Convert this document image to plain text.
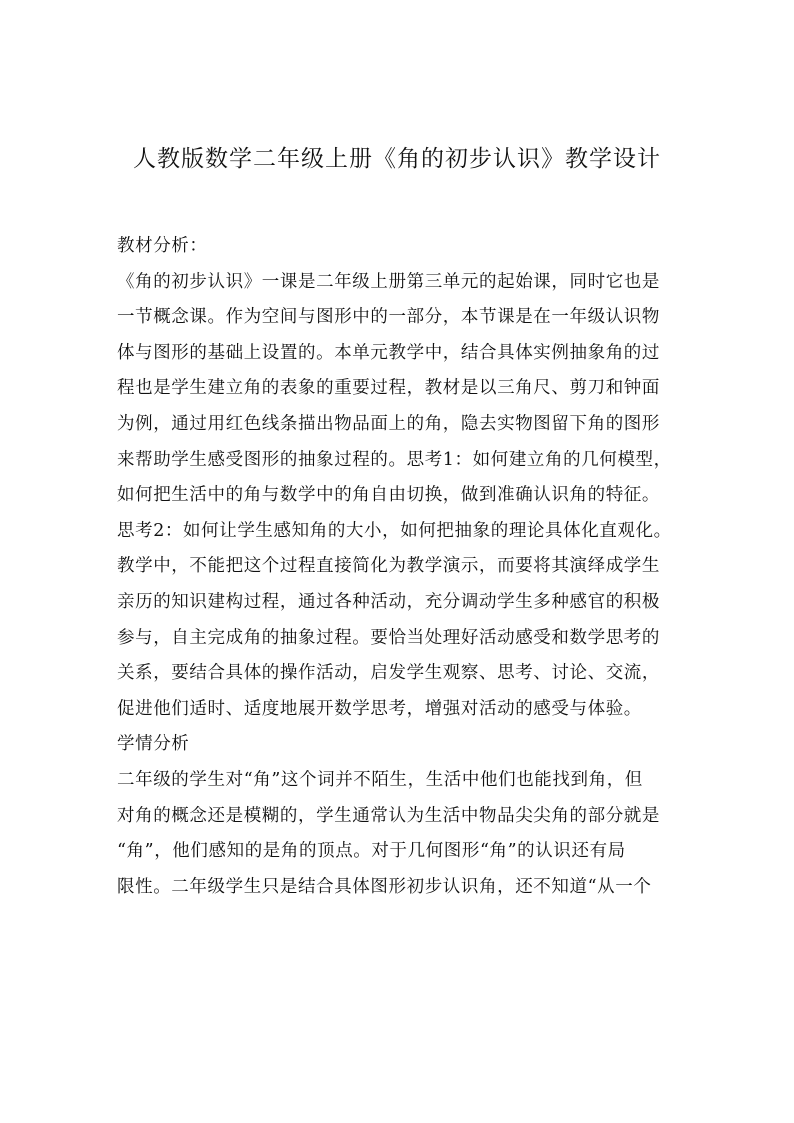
人教版数学二年级上册《角的初步认识》教学设计
教材分析：
《角的初步认识》一课是二年级上册第三单元的起始课，同时它也是
一节概念课。作为空间与图形中的一部分，本节课是在一年级认识物
体与图形的基础上设置的。本单元教学中，结合具体实例抽象角的过
程也是学生建立角的表象的重要过程，教材是以三角尺、剪刀和钟面
为例，通过用红色线条描出物品面上的角，隐去实物图留下角的图形
来帮助学生感受图形的抽象过程的。思考1：如何建立角的几何模型，
如何把生活中的角与数学中的角自由切换，做到准确认识角的特征。
思考2：如何让学生感知角的大小，如何把抽象的理论具体化直观化。
教学中，不能把这个过程直接简化为教学演示，而要将其演绎成学生
亲历的知识建构过程，通过各种活动，充分调动学生多种感官的积极
参与，自主完成角的抽象过程。要恰当处理好活动感受和数学思考的
关系，要结合具体的操作活动，启发学生观察、思考、讨论、交流，
促进他们适时、适度地展开数学思考，增强对活动的感受与体验。
学情分析
二年级的学生对“角”这个词并不陌生，生活中他们也能找到角，但
对角的概念还是模糊的，学生通常认为生活中物品尖尖角的部分就是
“角”，他们感知的是角的顶点。对于几何图形“角”的认识还有局
限性。二年级学生只是结合具体图形初步认识角，还不知道“从一个
